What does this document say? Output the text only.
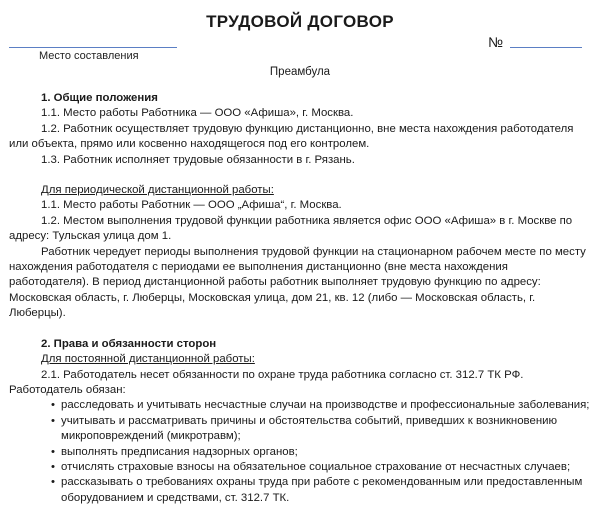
ТРУДОВОЙ ДОГОВОР
Место составления
№
Преамбула

1. Общие положения

1.1. Место работы Работника — ООО «Афиша», г. Москва.

1.2. Работник осуществляет трудовую функцию дистанционно, вне места нахождения работодателя или объекта, прямо или косвенно находящегося под его контролем.

1.3. Работник исполняет трудовые обязанности в г. Рязань.

Для периодической дистанционной работы:

1.1. Место работы Работник — ООО „Афиша“, г. Москва.

1.2. Местом выполнения трудовой функции работника является офис ООО «Афиша» в г. Москве по адресу: Тульская улица дом 1.

Работник чередует периоды выполнения трудовой функции на стационарном рабочем месте по месту нахождения работодателя с периодами ее выполнения дистанционно (вне места нахождения работодателя). В период дистанционной работы работник выполняет трудовую функцию по адресу: Московская область, г. Люберцы, Московская улица, дом 21, кв. 12 (либо — Московская область, г. Люберцы).

2. Права и обязанности сторон

Для постоянной дистанционной работы:

2.1. Работодатель несет обязанности по охране труда работника согласно ст. 312.7 ТК РФ. Работодатель обязан:

• расследовать и учитывать несчастные случаи на производстве и профессиональные заболевания;

• учитывать и рассматривать причины и обстоятельства событий, приведших к возникновению микроповреждений (микротравм);

• выполнять предписания надзорных органов;

• отчислять страховые взносы на обязательное социальное страхование от несчастных случаев;

• рассказывать о требованиях охраны труда при работе с рекомендованным или предоставленным оборудованием и средствами, ст. 312.7 ТК.
